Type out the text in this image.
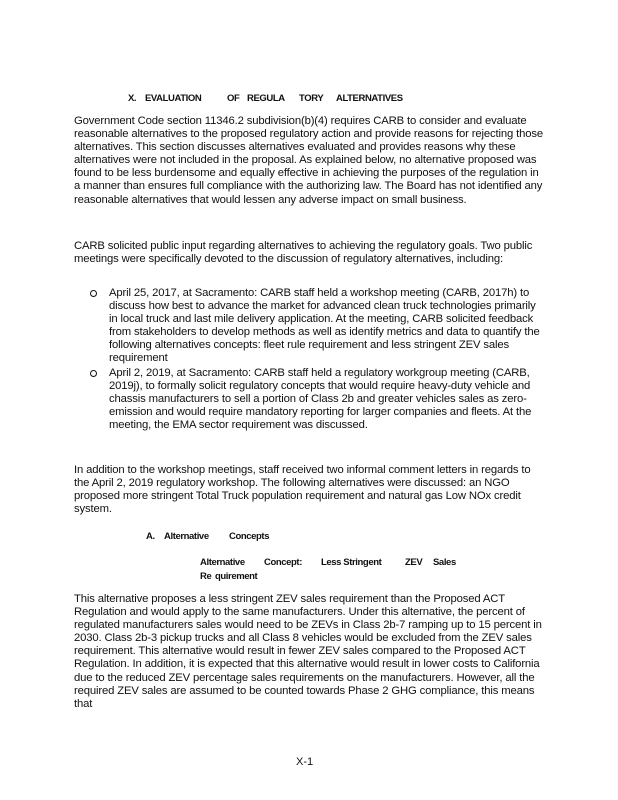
X. EVALUATION	OF REGULA TORY ALTERNATIVES

Government Code section 11346.2 subdivision(b)(4) requires CARB to consider and evaluate reasonable alternatives to the proposed regulatory action and provide reasons for rejecting those alternatives. This section discusses alternatives evaluated and provides reasons why these alternatives were not included in the proposal. As explained below, no alternative proposed was found to be less burdensome and equally effective in achieving the purposes of the regulation in a manner than ensures full compliance with the authorizing law. The Board has not identified any reasonable alternatives that would lessen any adverse impact on small business.

CARB solicited public input regarding alternatives to achieving the regulatory goals. Two public meetings were specifically devoted to the discussion of regulatory alternatives, including:

April 25, 2017, at Sacramento: CARB staff held a workshop meeting (CARB, 2017h) to discuss how best to advance the market for advanced clean truck technologies primarily in local truck and last mile delivery application. At the meeting, CARB solicited feedback from stakeholders to develop methods as well as identify metrics and data to quantify the following alternatives concepts: fleet rule requirement and less stringent ZEV sales requirement
April 2, 2019, at Sacramento: CARB staff held a regulatory workgroup meeting (CARB, 2019j), to formally solicit regulatory concepts that would require heavy-duty vehicle and chassis manufacturers to sell a portion of Class 2b and greater vehicles sales as zero-emission and would require mandatory reporting for larger companies and fleets. At the meeting, the EMA sector requirement was discussed.

In addition to the workshop meetings, staff received two informal comment letters in regards to the April 2, 2019 regulatory workshop. The following alternatives were discussed: an NGO proposed more stringent Total Truck population requirement and natural gas Low NOx credit system.

A. Alternative Concepts
Alternative Concept: Less Stringent ZEV Sales
Re quirement

This alternative proposes a less stringent ZEV sales requirement than the Proposed ACT Regulation and would apply to the same manufacturers. Under this alternative, the percent of regulated manufacturers sales would need to be ZEVs in Class 2b-7 ramping up to 15 percent in 2030. Class 2b-3 pickup trucks and all Class 8 vehicles would be excluded from the ZEV sales requirement. This alternative would result in fewer ZEV sales compared to the Proposed ACT Regulation. In addition, it is expected that this alternative would result in lower costs to California due to the reduced ZEV percentage sales requirements on the manufacturers. However, all the required ZEV sales are assumed to be counted towards Phase 2 GHG compliance, this means that

X-1
